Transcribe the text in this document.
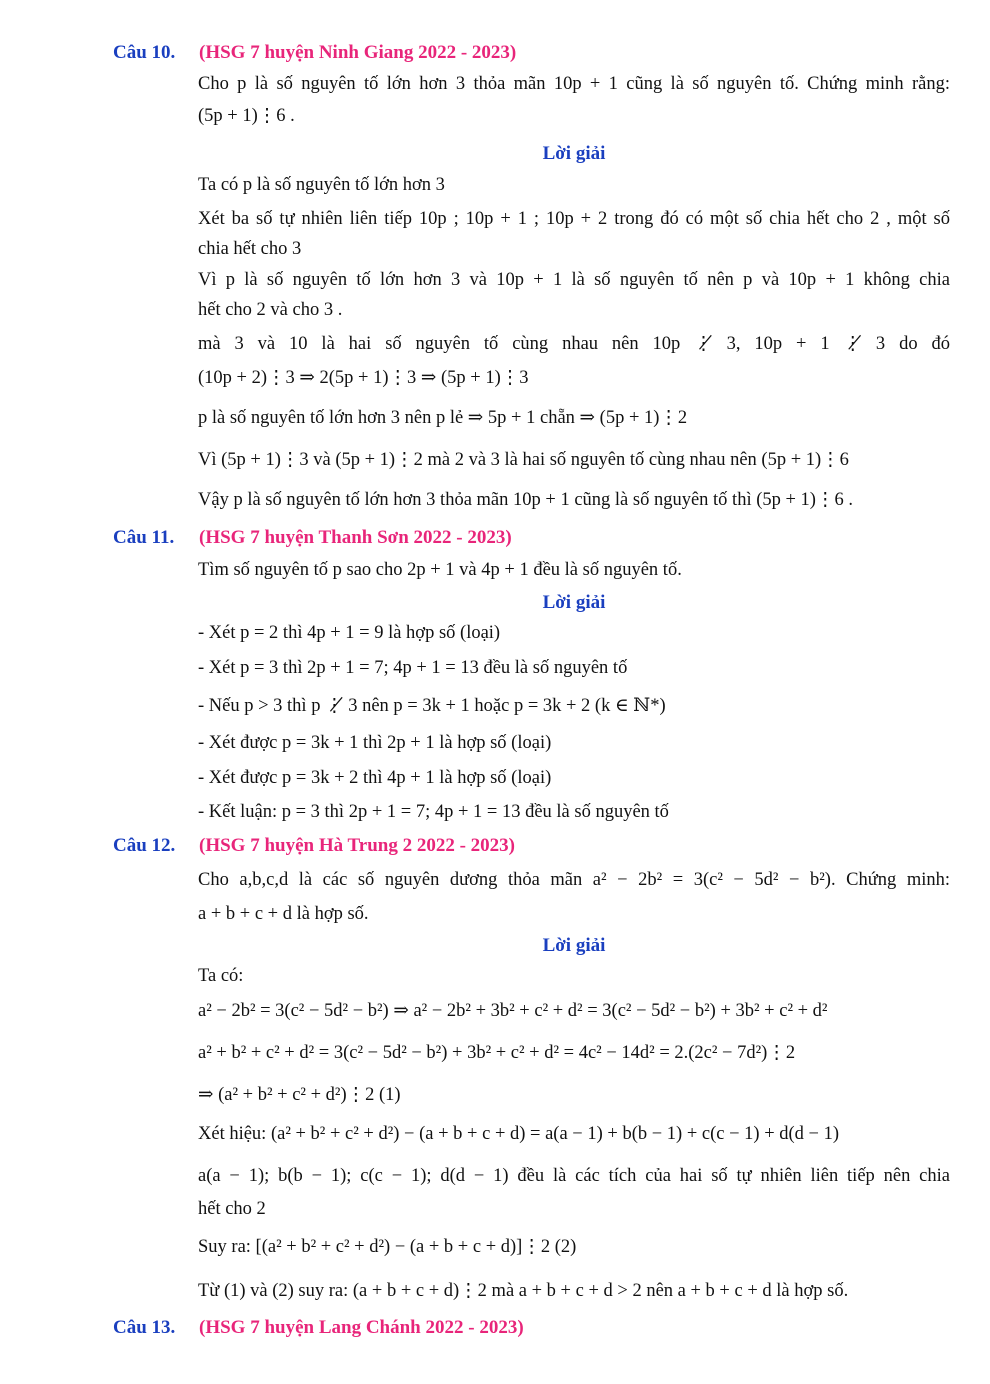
Câu 10. (HSG 7 huyện Ninh Giang 2022 - 2023)
Cho p là số nguyên tố lớn hơn 3 thỏa mãn 10p + 1 cũng là số nguyên tố. Chứng minh rằng:
(5p + 1)⋮6 .
Lời giải
Ta có p là số nguyên tố lớn hơn 3
Xét ba số tự nhiên liên tiếp 10p ; 10p + 1 ; 10p + 2 trong đó có một số chia hết cho 2 , một số
chia hết cho 3
Vì p là số nguyên tố lớn hơn 3 và 10p + 1 là số nguyên tố nên p và 10p + 1 không chia
hết cho 2 và cho 3 .
mà 3 và 10 là hai số nguyên tố cùng nhau nên 10p ⋮̸ 3, 10p + 1 ⋮̸ 3 do đó
(10p + 2)⋮3 ⇒ 2(5p + 1)⋮3 ⇒ (5p + 1)⋮3
p là số nguyên tố lớn hơn 3 nên p lẻ ⇒ 5p + 1 chẵn ⇒ (5p + 1)⋮2
Vì (5p + 1)⋮3 và (5p + 1)⋮2 mà 2 và 3 là hai số nguyên tố cùng nhau nên (5p + 1)⋮6
Vậy p là số nguyên tố lớn hơn 3 thỏa mãn 10p + 1 cũng là số nguyên tố thì (5p + 1)⋮6 .
Câu 11. (HSG 7 huyện Thanh Sơn 2022 - 2023)
Tìm số nguyên tố p sao cho 2p + 1 và 4p + 1 đều là số nguyên tố.
Lời giải
- Xét p = 2 thì 4p + 1 = 9 là hợp số (loại)
- Xét p = 3 thì 2p + 1 = 7; 4p + 1 = 13 đều là số nguyên tố
- Nếu p > 3 thì p ⋮̸ 3 nên p = 3k + 1 hoặc p = 3k + 2 (k ∈ ℕ*)
- Xét được p = 3k + 1 thì 2p + 1 là hợp số (loại)
- Xét được p = 3k + 2 thì 4p + 1 là hợp số (loại)
- Kết luận: p = 3 thì 2p + 1 = 7; 4p + 1 = 13 đều là số nguyên tố
Câu 12. (HSG 7 huyện Hà Trung 2 2022 - 2023)
Cho a,b,c,d là các số nguyên dương thỏa mãn a² − 2b² = 3(c² − 5d² − b²). Chứng minh:
a + b + c + d là hợp số.
Lời giải
Ta có:
a² − 2b² = 3(c² − 5d² − b²) ⇒ a² − 2b² + 3b² + c² + d² = 3(c² − 5d² − b²) + 3b² + c² + d²
a² + b² + c² + d² = 3(c² − 5d² − b²) + 3b² + c² + d² = 4c² − 14d² = 2.(2c² − 7d²)⋮2
⇒ (a² + b² + c² + d²)⋮2 (1)
Xét hiệu: (a² + b² + c² + d²) − (a + b + c + d) = a(a − 1) + b(b − 1) + c(c − 1) + d(d − 1)
a(a − 1); b(b − 1); c(c − 1); d(d − 1) đều là các tích của hai số tự nhiên liên tiếp nên chia
hết cho 2
Suy ra: [(a² + b² + c² + d²) − (a + b + c + d)]⋮2 (2)
Từ (1) và (2) suy ra: (a + b + c + d)⋮2 mà a + b + c + d > 2 nên a + b + c + d là hợp số.
Câu 13. (HSG 7 huyện Lang Chánh 2022 - 2023)
